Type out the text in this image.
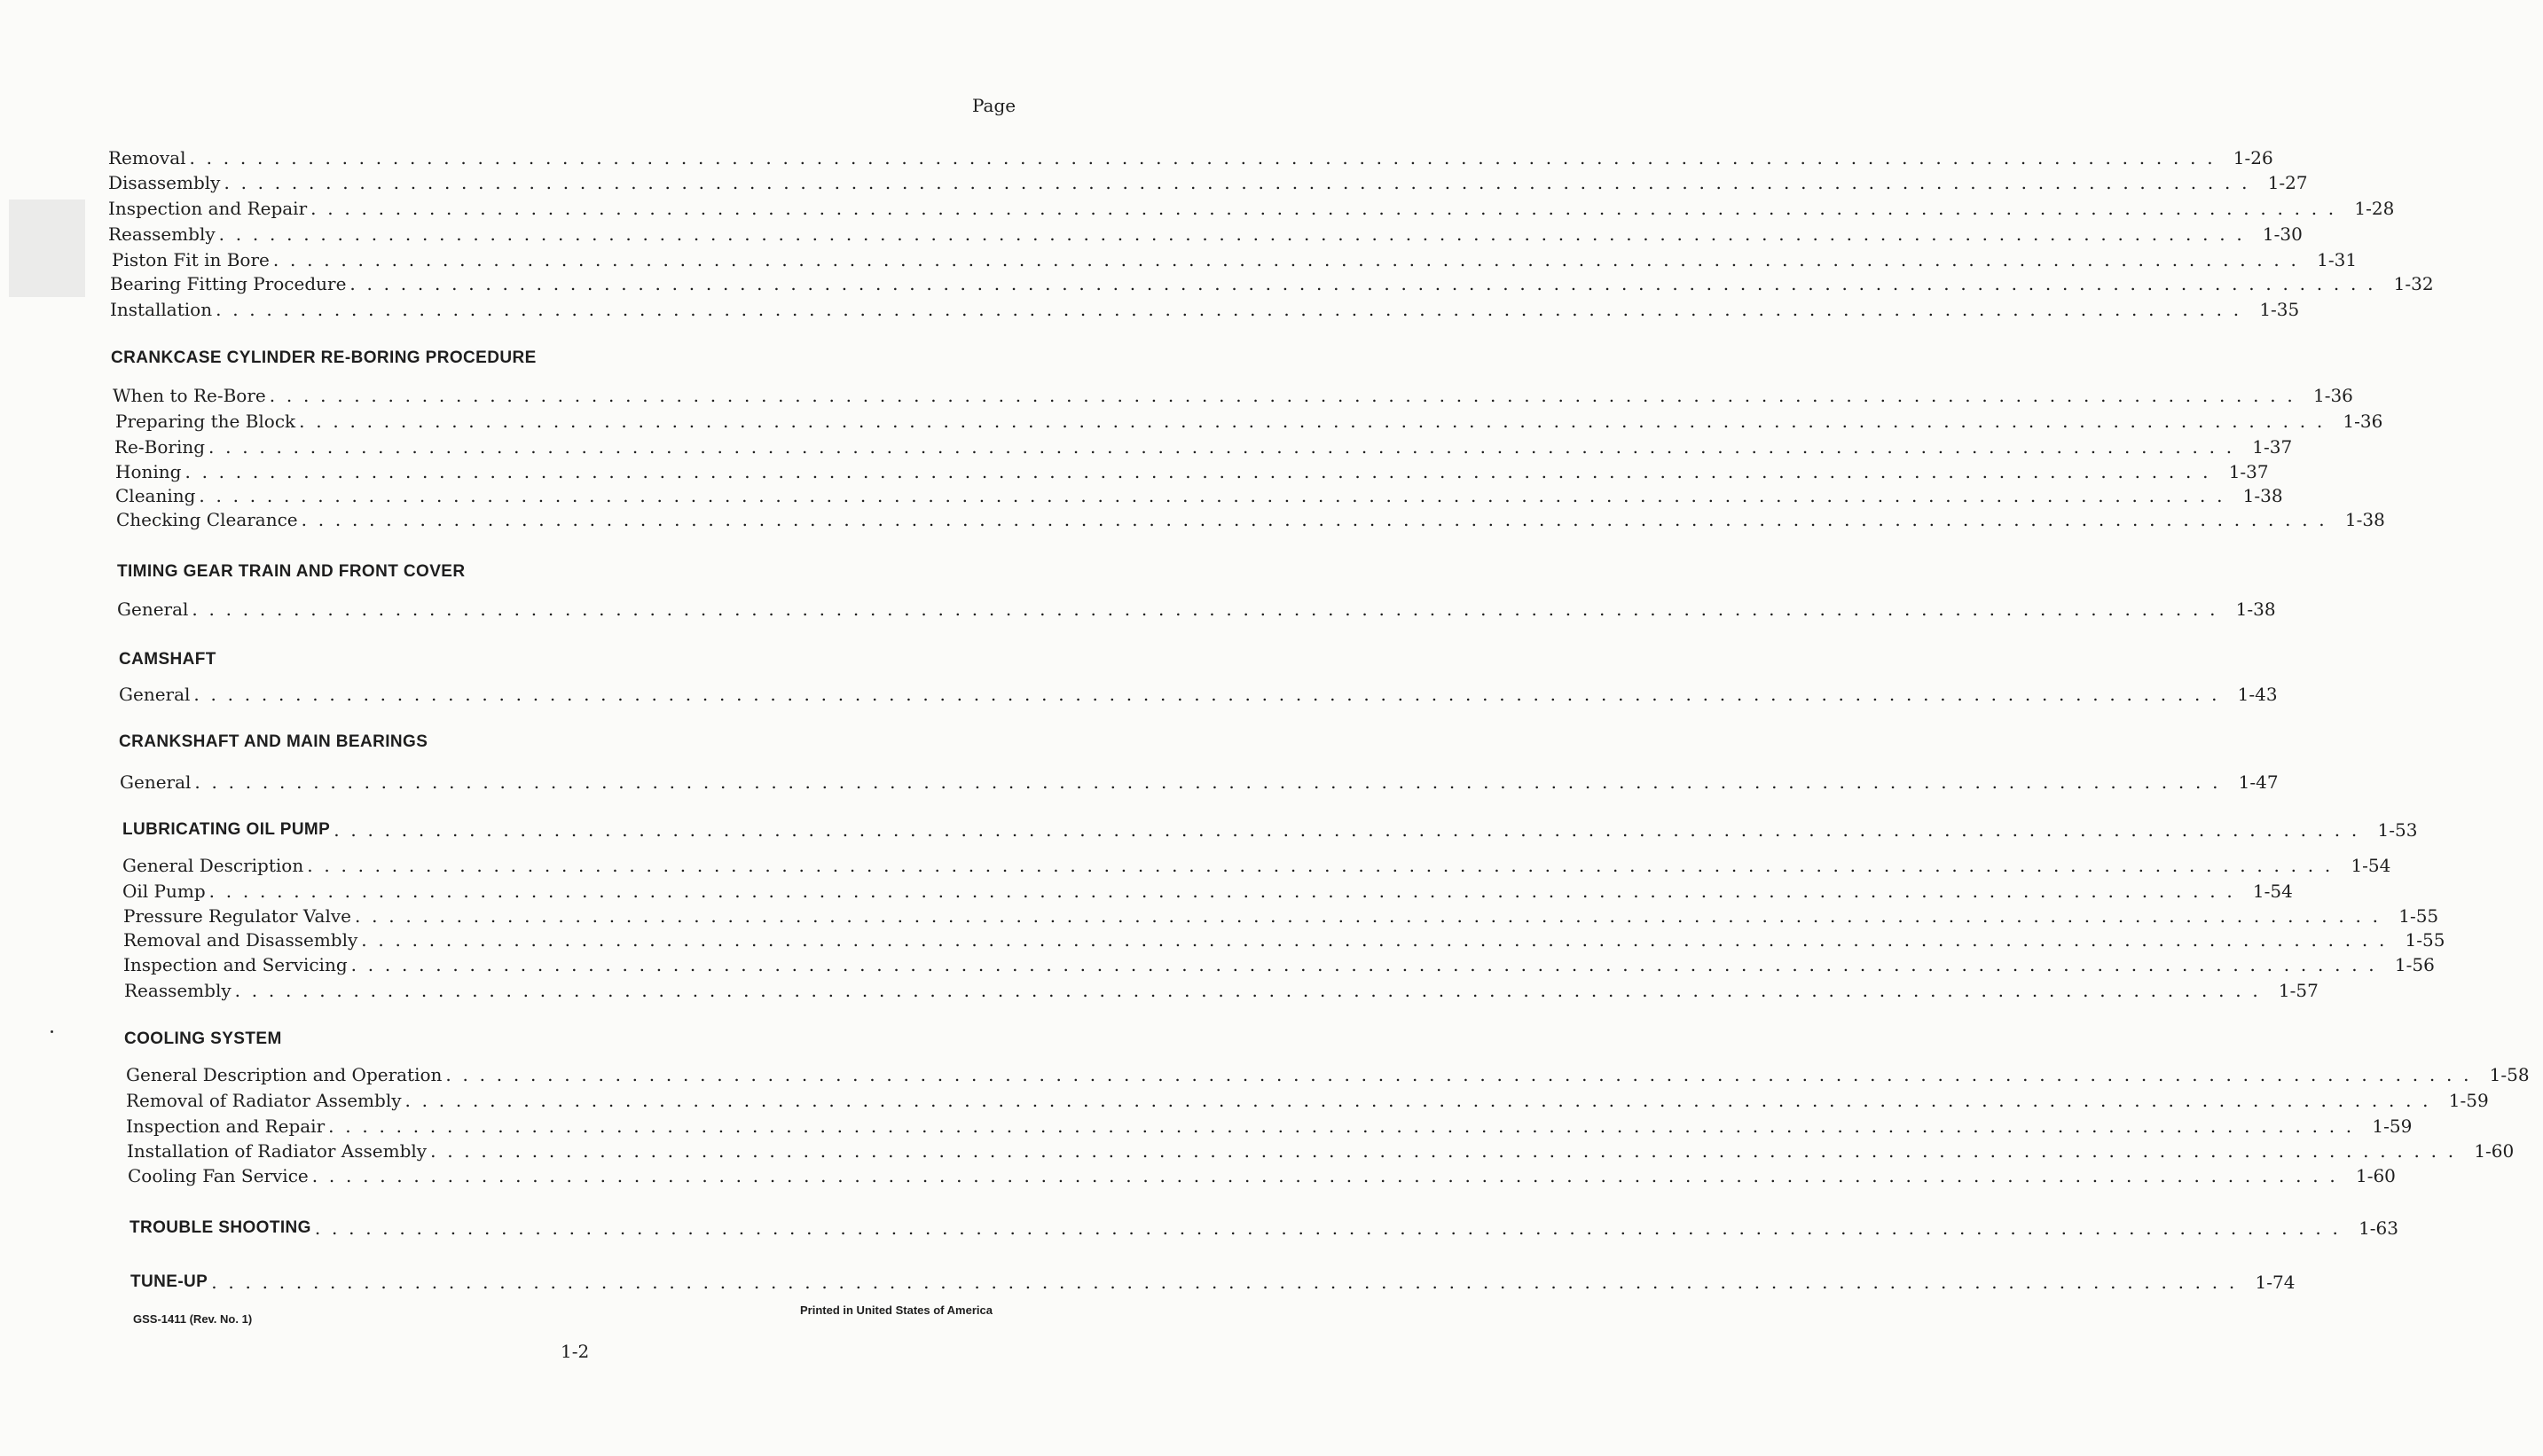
Page
Removal . . . . . . . . . . . . . . . . . . . . . . . . . . . . . . . . . . . . . . . . . . . . . . . . . . . . . . . . . . . . . . . . . . . . . . . . . . . . . . . . . . . . . . . . . . . . . . . . . . . . . . . . . . . . . . . . . . . . . . . . 1-26
Disassembly . . . . . . . . . . . . . . . . . . . . . . . . . . . . . . . . . . . . . . . . . . . . . . . . . . . . . . . . . . . . . . . . . . . . . . . . . . . . . . . . . . . . . . . . . . . . . . . . . . . . . . . . . . . . . . . . . . . . . . . . 1-27
Inspection and Repair . . . . . . . . . . . . . . . . . . . . . . . . . . . . . . . . . . . . . . . . . . . . . . . . . . . . . . . . . . . . . . . . . . . . . . . . . . . . . . . . . . . . . . . . . . . . . . . . . . . . . . . . . . . . . . . . . . . . . . . . 1-28
Reassembly . . . . . . . . . . . . . . . . . . . . . . . . . . . . . . . . . . . . . . . . . . . . . . . . . . . . . . . . . . . . . . . . . . . . . . . . . . . . . . . . . . . . . . . . . . . . . . . . . . . . . . . . . . . . . . . . . . . . . . . . 1-30
Piston Fit in Bore . . . . . . . . . . . . . . . . . . . . . . . . . . . . . . . . . . . . . . . . . . . . . . . . . . . . . . . . . . . . . . . . . . . . . . . . . . . . . . . . . . . . . . . . . . . . . . . . . . . . . . . . . . . . . . . . . . . . . . . . 1-31
Bearing Fitting Procedure . . . . . . . . . . . . . . . . . . . . . . . . . . . . . . . . . . . . . . . . . . . . . . . . . . . . . . . . . . . . . . . . . . . . . . . . . . . . . . . . . . . . . . . . . . . . . . . . . . . . . . . . . . . . . . . . . . . . . . . . 1-32
Installation . . . . . . . . . . . . . . . . . . . . . . . . . . . . . . . . . . . . . . . . . . . . . . . . . . . . . . . . . . . . . . . . . . . . . . . . . . . . . . . . . . . . . . . . . . . . . . . . . . . . . . . . . . . . . . . . . . . . . . . . 1-35
CRANKCASE CYLINDER RE-BORING PROCEDURE
When to Re-Bore . . . . . . . . . . . . . . . . . . . . . . . . . . . . . . . . . . . . . . . . . . . . . . . . . . . . . . . . . . . . . . . . . . . . . . . . . . . . . . . . . . . . . . . . . . . . . . . . . . . . . . . . . . . . . . . . . . . . . . . . 1-36
Preparing the Block . . . . . . . . . . . . . . . . . . . . . . . . . . . . . . . . . . . . . . . . . . . . . . . . . . . . . . . . . . . . . . . . . . . . . . . . . . . . . . . . . . . . . . . . . . . . . . . . . . . . . . . . . . . . . . . . . . . . . . . . 1-36
Re-Boring . . . . . . . . . . . . . . . . . . . . . . . . . . . . . . . . . . . . . . . . . . . . . . . . . . . . . . . . . . . . . . . . . . . . . . . . . . . . . . . . . . . . . . . . . . . . . . . . . . . . . . . . . . . . . . . . . . . . . . . . 1-37
Honing . . . . . . . . . . . . . . . . . . . . . . . . . . . . . . . . . . . . . . . . . . . . . . . . . . . . . . . . . . . . . . . . . . . . . . . . . . . . . . . . . . . . . . . . . . . . . . . . . . . . . . . . . . . . . . . . . . . . . . . . 1-37
Cleaning . . . . . . . . . . . . . . . . . . . . . . . . . . . . . . . . . . . . . . . . . . . . . . . . . . . . . . . . . . . . . . . . . . . . . . . . . . . . . . . . . . . . . . . . . . . . . . . . . . . . . . . . . . . . . . . . . . . . . . . . 1-38
Checking Clearance . . . . . . . . . . . . . . . . . . . . . . . . . . . . . . . . . . . . . . . . . . . . . . . . . . . . . . . . . . . . . . . . . . . . . . . . . . . . . . . . . . . . . . . . . . . . . . . . . . . . . . . . . . . . . . . . . . . . . . . . 1-38
TIMING GEAR TRAIN AND FRONT COVER
General . . . . . . . . . . . . . . . . . . . . . . . . . . . . . . . . . . . . . . . . . . . . . . . . . . . . . . . . . . . . . . . . . . . . . . . . . . . . . . . . . . . . . . . . . . . . . . . . . . . . . . . . . . . . . . . . . . . . . . . . 1-38
CAMSHAFT
General . . . . . . . . . . . . . . . . . . . . . . . . . . . . . . . . . . . . . . . . . . . . . . . . . . . . . . . . . . . . . . . . . . . . . . . . . . . . . . . . . . . . . . . . . . . . . . . . . . . . . . . . . . . . . . . . . . . . . . . . 1-43
CRANKSHAFT AND MAIN BEARINGS
General . . . . . . . . . . . . . . . . . . . . . . . . . . . . . . . . . . . . . . . . . . . . . . . . . . . . . . . . . . . . . . . . . . . . . . . . . . . . . . . . . . . . . . . . . . . . . . . . . . . . . . . . . . . . . . . . . . . . . . . . 1-47
LUBRICATING OIL PUMP . . . . . . . . . . . . . . . . . . . . . . . . . . . . . . . . . . . . . . . . . . . . . . . . . . . . . . . . . . . . . . . . . . . . . . . . . . . . . . . . . . . . . . . . . . . . . . . . . . . . . . . . . . . . . . . . . . . . . . . . 1-53
General Description . . . . . . . . . . . . . . . . . . . . . . . . . . . . . . . . . . . . . . . . . . . . . . . . . . . . . . . . . . . . . . . . . . . . . . . . . . . . . . . . . . . . . . . . . . . . . . . . . . . . . . . . . . . . . . . . . . . . . . . . 1-54
Oil Pump . . . . . . . . . . . . . . . . . . . . . . . . . . . . . . . . . . . . . . . . . . . . . . . . . . . . . . . . . . . . . . . . . . . . . . . . . . . . . . . . . . . . . . . . . . . . . . . . . . . . . . . . . . . . . . . . . . . . . . . . 1-54
Pressure Regulator Valve . . . . . . . . . . . . . . . . . . . . . . . . . . . . . . . . . . . . . . . . . . . . . . . . . . . . . . . . . . . . . . . . . . . . . . . . . . . . . . . . . . . . . . . . . . . . . . . . . . . . . . . . . . . . . . . . . . . . . . . . 1-55
Removal and Disassembly . . . . . . . . . . . . . . . . . . . . . . . . . . . . . . . . . . . . . . . . . . . . . . . . . . . . . . . . . . . . . . . . . . . . . . . . . . . . . . . . . . . . . . . . . . . . . . . . . . . . . . . . . . . . . . . . . . . . . . . . 1-55
Inspection and Servicing . . . . . . . . . . . . . . . . . . . . . . . . . . . . . . . . . . . . . . . . . . . . . . . . . . . . . . . . . . . . . . . . . . . . . . . . . . . . . . . . . . . . . . . . . . . . . . . . . . . . . . . . . . . . . . . . . . . . . . . . 1-56
Reassembly . . . . . . . . . . . . . . . . . . . . . . . . . . . . . . . . . . . . . . . . . . . . . . . . . . . . . . . . . . . . . . . . . . . . . . . . . . . . . . . . . . . . . . . . . . . . . . . . . . . . . . . . . . . . . . . . . . . . . . . . 1-57
COOLING SYSTEM
General Description and Operation . . . . . . . . . . . . . . . . . . . . . . . . . . . . . . . . . . . . . . . . . . . . . . . . . . . . . . . . . . . . . . . . . . . . . . . . . . . . . . . . . . . . . . . . . . . . . . . . . . . . . . . . . . . . . . . . . . . . . . . . 1-58
Removal of Radiator Assembly . . . . . . . . . . . . . . . . . . . . . . . . . . . . . . . . . . . . . . . . . . . . . . . . . . . . . . . . . . . . . . . . . . . . . . . . . . . . . . . . . . . . . . . . . . . . . . . . . . . . . . . . . . . . . . . . . . . . . . . . 1-59
Inspection and Repair . . . . . . . . . . . . . . . . . . . . . . . . . . . . . . . . . . . . . . . . . . . . . . . . . . . . . . . . . . . . . . . . . . . . . . . . . . . . . . . . . . . . . . . . . . . . . . . . . . . . . . . . . . . . . . . . . . . . . . . . 1-59
Installation of Radiator Assembly . . . . . . . . . . . . . . . . . . . . . . . . . . . . . . . . . . . . . . . . . . . . . . . . . . . . . . . . . . . . . . . . . . . . . . . . . . . . . . . . . . . . . . . . . . . . . . . . . . . . . . . . . . . . . . . . . . . . . . . . 1-60
Cooling Fan Service . . . . . . . . . . . . . . . . . . . . . . . . . . . . . . . . . . . . . . . . . . . . . . . . . . . . . . . . . . . . . . . . . . . . . . . . . . . . . . . . . . . . . . . . . . . . . . . . . . . . . . . . . . . . . . . . . . . . . . . . 1-60
TROUBLE SHOOTING . . . . . . . . . . . . . . . . . . . . . . . . . . . . . . . . . . . . . . . . . . . . . . . . . . . . . . . . . . . . . . . . . . . . . . . . . . . . . . . . . . . . . . . . . . . . . . . . . . . . . . . . . . . . . . . . . . . . . . . . 1-63
TUNE-UP . . . . . . . . . . . . . . . . . . . . . . . . . . . . . . . . . . . . . . . . . . . . . . . . . . . . . . . . . . . . . . . . . . . . . . . . . . . . . . . . . . . . . . . . . . . . . . . . . . . . . . . . . . . . . . . . . . . . . . . . 1-74
GSS-1411 (Rev. No. 1)
Printed in United States of America
1-2
